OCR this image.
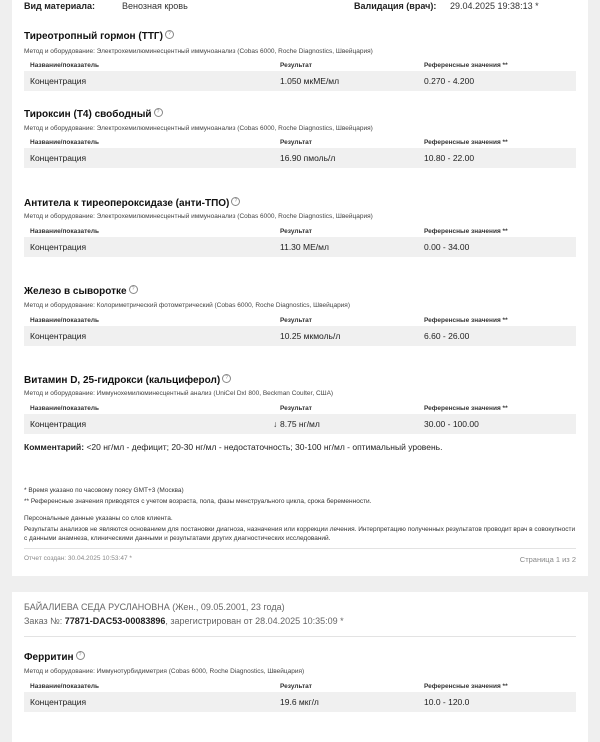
Вид материала:	Венозная кровь	Валидация (врач): 29.04.2025 19:38:13 *
Тиреотропный гормон (ТТГ) ?
Метод и оборудование: Электрохемилюминесцентный иммуноанализ (Cobas 6000, Roche Diagnostics, Швейцария)
Название/показатель	Результат	Референсные значения **
Концентрация	1.050 мкМЕ/мл	0.270 - 4.200
Тироксин (Т4) свободный ?
Метод и оборудование: Электрохемилюминесцентный иммуноанализ (Cobas 6000, Roche Diagnostics, Швейцария)
Название/показатель	Результат	Референсные значения **
Концентрация	16.90 пмоль/л	10.80 - 22.00
Антитела к тиреопероксидазе (анти-ТПО) ?
Метод и оборудование: Электрохемилюминесцентный иммуноанализ (Cobas 6000, Roche Diagnostics, Швейцария)
Название/показатель	Результат	Референсные значения **
Концентрация	11.30 МЕ/мл	0.00 - 34.00
Железо в сыворотке ?
Метод и оборудование: Колориметрический фотометрический (Cobas 6000, Roche Diagnostics, Швейцария)
Название/показатель	Результат	Референсные значения **
Концентрация	10.25 мкмоль/л	6.60 - 26.00
Витамин D, 25-гидрокси (кальциферол) ?
Метод и оборудование: Иммунохемилюминесцентный анализ (UniCel DxI 800, Beckman Coulter, США)
Название/показатель	Результат	Референсные значения **
Концентрация	↓ 8.75 нг/мл	30.00 - 100.00
Комментарий: <20 нг/мл - дефицит; 20-30 нг/мл - недостаточность; 30-100 нг/мл - оптимальный уровень.
* Время указано по часовому поясу GMT+3 (Москва)
** Референсные значения приводятся с учетом возраста, пола, фазы менструального цикла, срока беременности.
Персональные данные указаны со слов клиента.
Результаты анализов не являются основанием для постановки диагноза, назначения или коррекции лечения. Интерпретацию полученных результатов проводит врач в совокупности с данными анамнеза, клиническими данными и результатами других диагностических исследований.
Отчет создан: 30.04.2025 10:53:47 *	Страница 1 из 2
БАЙАЛИЕВА СЕДА РУСЛАНОВНА (Жен., 09.05.2001, 23 года)
Заказ №: 77871-DAC53-00083896, зарегистрирован от 28.04.2025 10:35:09 *
Ферритин ?
Метод и оборудование: Иммунотурбидиметрия (Cobas 6000, Roche Diagnostics, Швейцария)
Название/показатель	Результат	Референсные значения **
Концентрация	19.6 мкг/л	10.0 - 120.0
